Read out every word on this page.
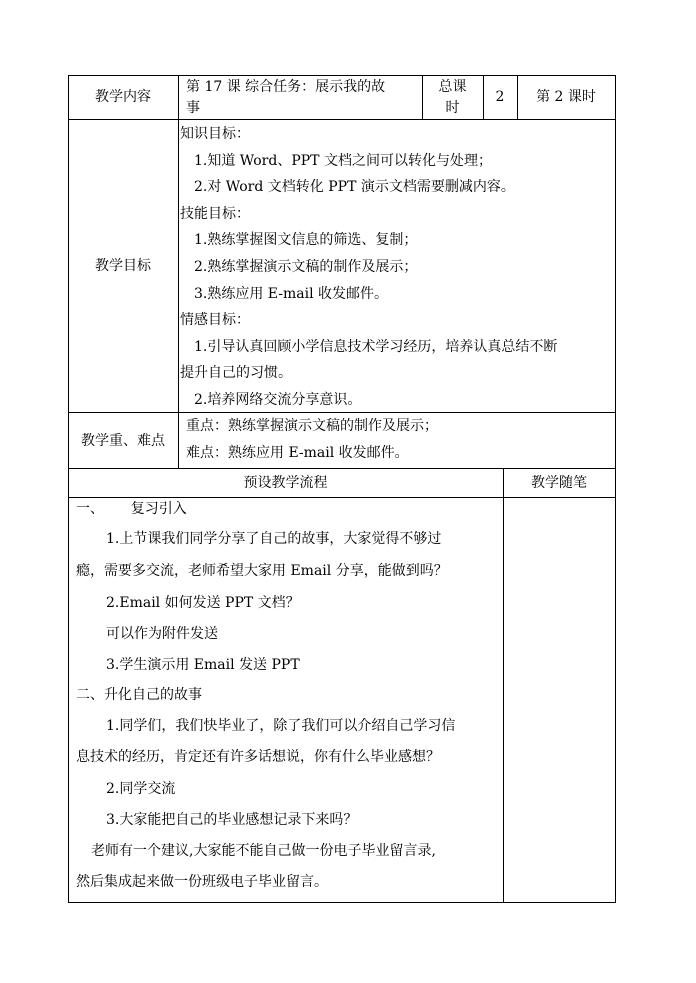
教学内容
第 17 课 综合任务：展示我的故
事
总课
时
2	第 2 课时
教学目标
知识目标：
1.知道 Word、PPT 文档之间可以转化与处理；
2.对 Word 文档转化 PPT 演示文档需要删减内容。
技能目标：
1.熟练掌握图文信息的筛选、复制；
2.熟练掌握演示文稿的制作及展示；
3.熟练应用 E-mail 收发邮件。
情感目标：
1.引导认真回顾小学信息技术学习经历，培养认真总结不断
提升自己的习惯。
2.培养网络交流分享意识。
教学重、难点
重点：熟练掌握演示文稿的制作及展示；
难点：熟练应用 E-mail 收发邮件。
预设教学流程	教学随笔
一、      复习引入
1.上节课我们同学分享了自己的故事，大家觉得不够过
瘾，需要多交流，老师希望大家用 Email 分享，能做到吗？
2.Email 如何发送 PPT 文档？
可以作为附件发送
3.学生演示用 Email 发送 PPT
二、升化自己的故事
1.同学们，我们快毕业了，除了我们可以介绍自己学习信
息技术的经历，肯定还有许多话想说，你有什么毕业感想？
2.同学交流
3.大家能把自己的毕业感想记录下来吗？
老师有一个建议,大家能不能自己做一份电子毕业留言录,
然后集成起来做一份班级电子毕业留言。
